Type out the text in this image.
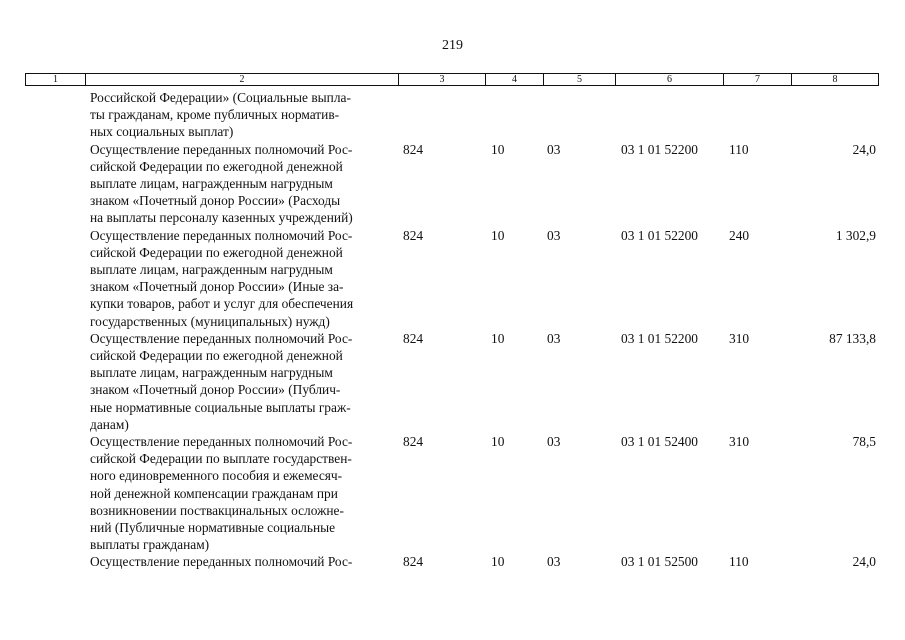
219
1	2	3	4	5	6	7	8
Российской Федерации» (Социальные выпла-
ты гражданам, кроме публичных норматив-
ных социальных выплат)
Осуществление переданных полномочий Рос-
сийской Федерации по ежегодной денежной
выплате лицам, награжденным нагрудным
знаком «Почетный донор России» (Расходы
на выплаты персоналу казенных учреждений)
824	10	03	03 1 01 52200 110	24,0
Осуществление переданных полномочий Рос-
сийской Федерации по ежегодной денежной
выплате лицам, награжденным нагрудным
знаком «Почетный донор России» (Иные за-
купки товаров, работ и услуг для обеспечения
государственных (муниципальных) нужд)
824	10	03	03 1 01 52200 240	1 302,9
Осуществление переданных полномочий Рос-
сийской Федерации по ежегодной денежной
выплате лицам, награжденным нагрудным
знаком «Почетный донор России» (Публич-
ные нормативные социальные выплаты граж-
данам)
824	10	03	03 1 01 52200 310	87 133,8
Осуществление переданных полномочий Рос-
сийской Федерации по выплате государствен-
ного единовременного пособия и ежемесяч-
ной денежной компенсации гражданам при
возникновении поствакцинальных осложне-
ний (Публичные нормативные социальные
выплаты гражданам)
824	10	03	03 1 01 52400 310	78,5
Осуществление переданных полномочий Рос-	824	10	03	03 1 01 52500 110	24,0
